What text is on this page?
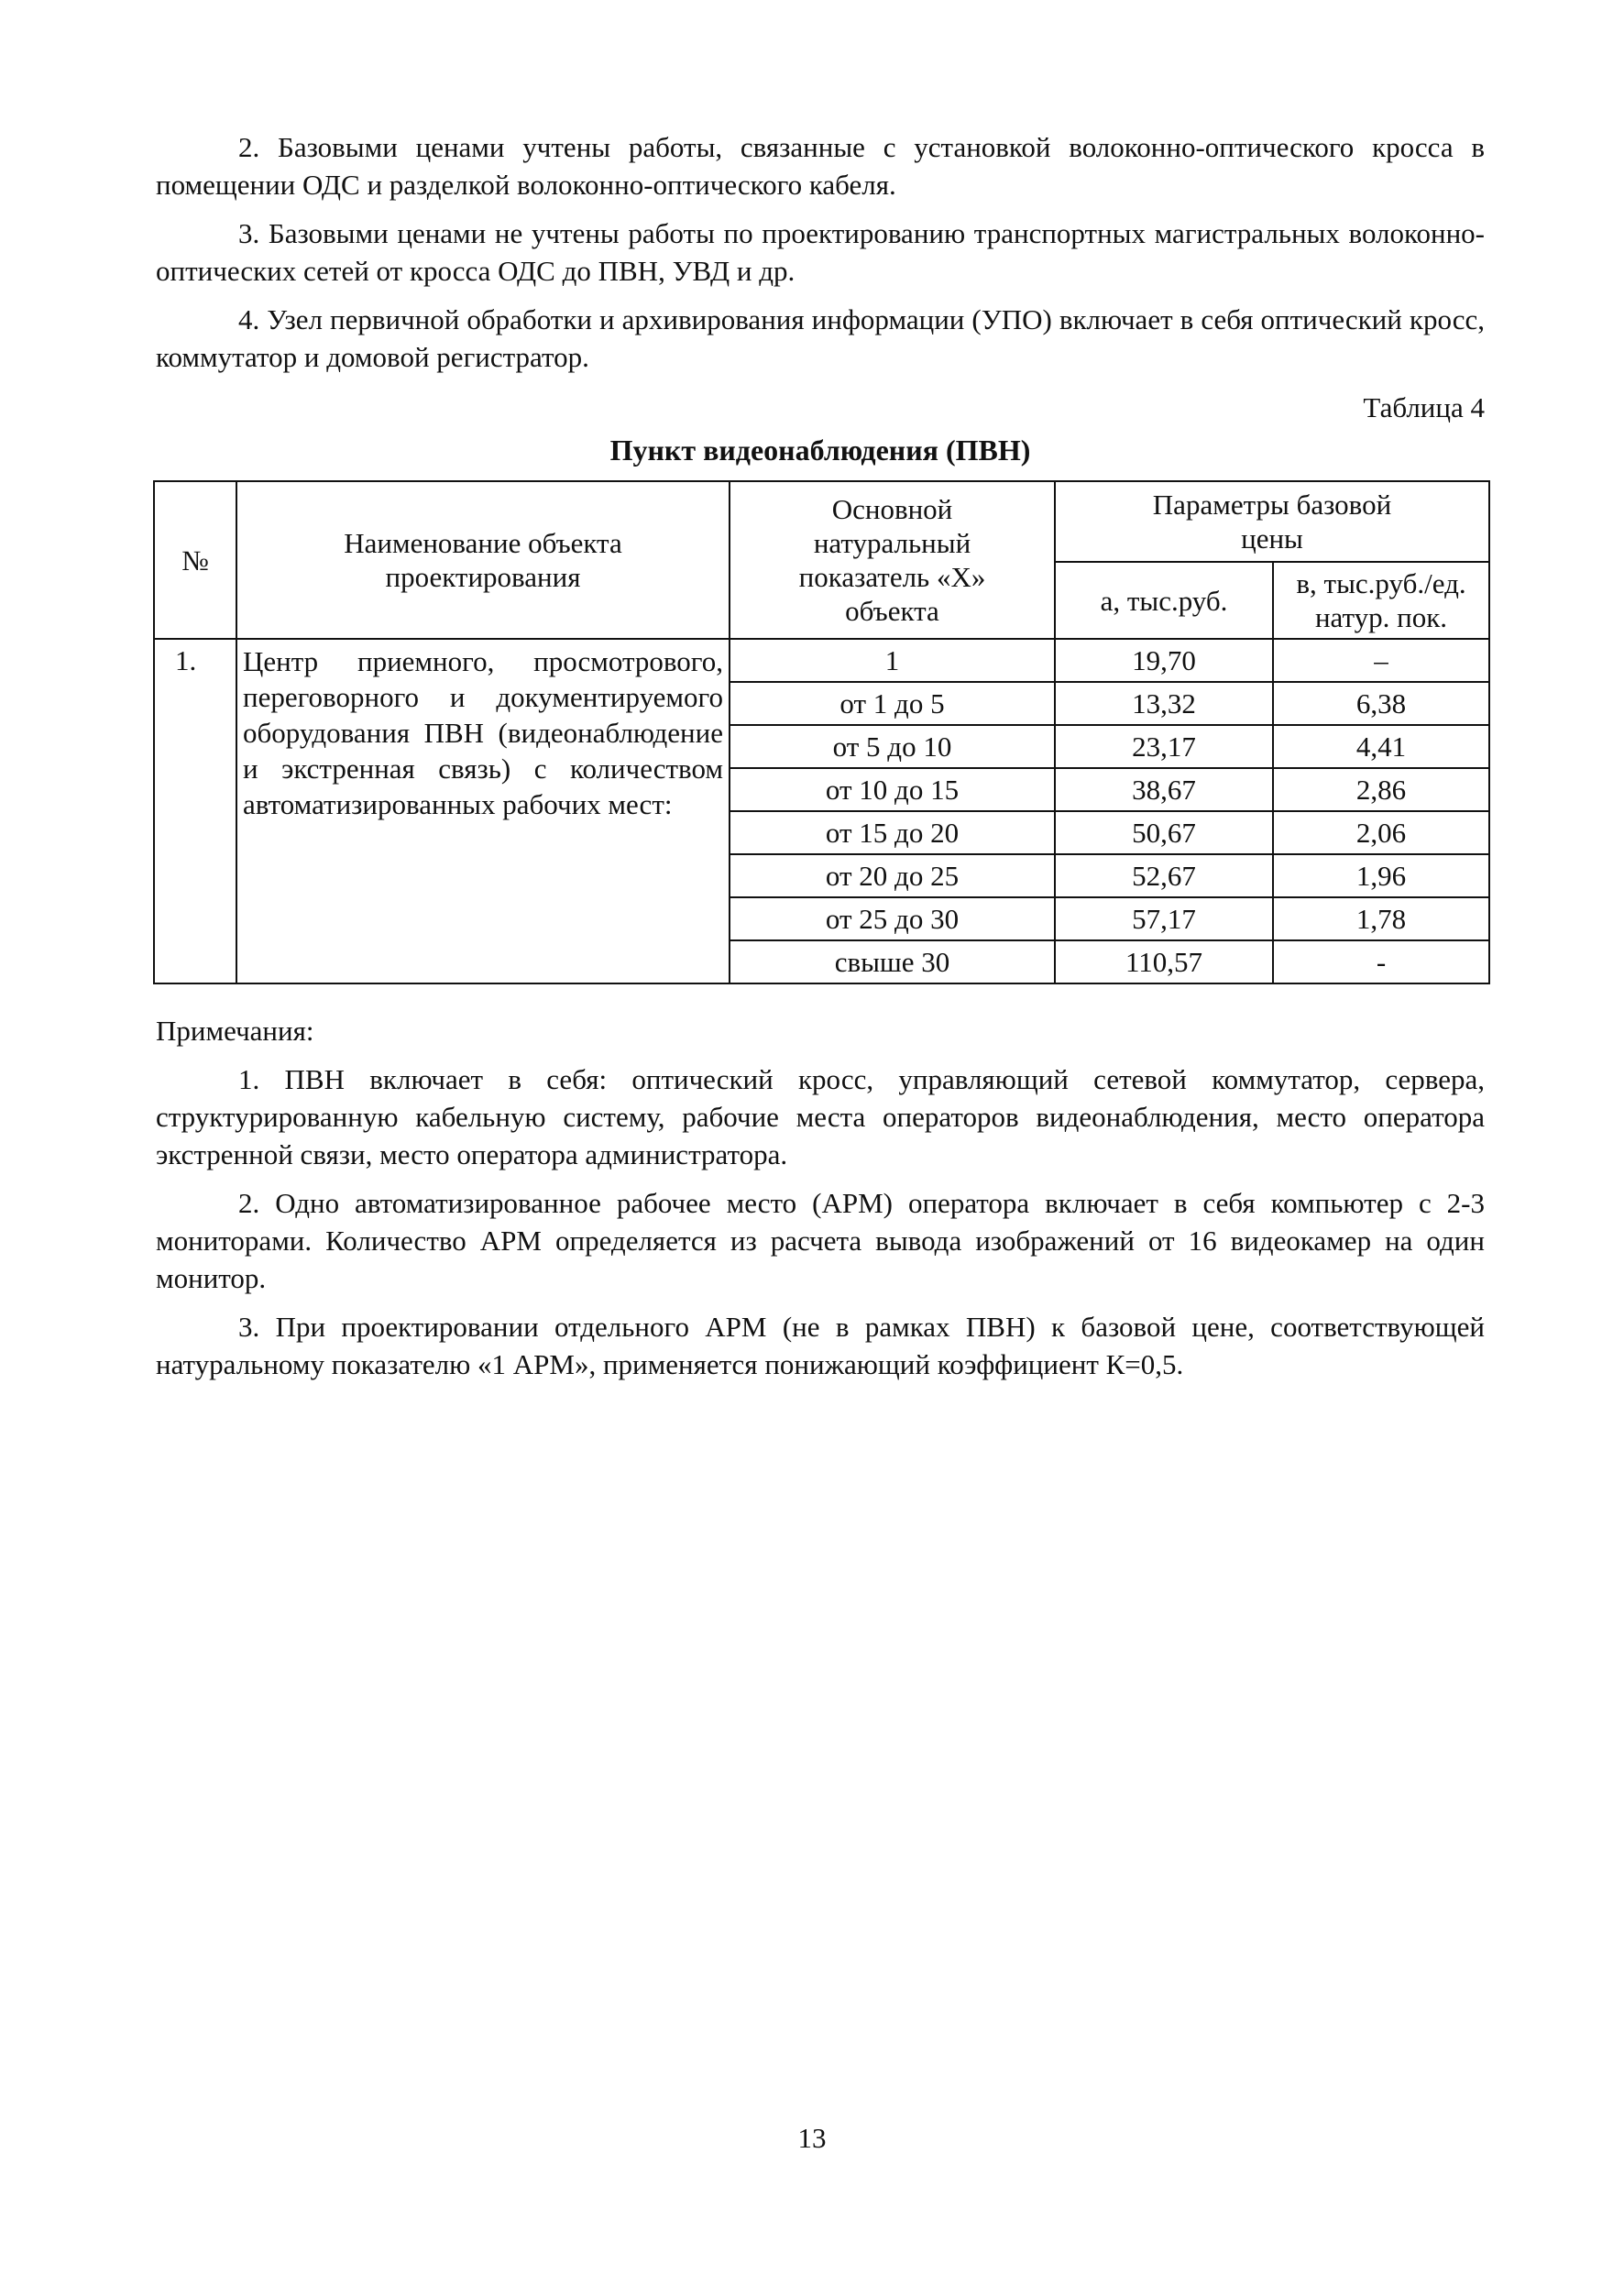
2. Базовыми ценами учтены работы, связанные с установкой волоконно-оптического кросса в помещении ОДС и разделкой волоконно-оптического кабеля.

3. Базовыми ценами не учтены работы по проектированию транспортных магистральных волоконно-оптических сетей от кросса ОДС до ПВН, УВД и др.

4. Узел первичной обработки и архивирования информации (УПО) включает в себя оптический кросс, коммутатор и домовой регистратор.

Таблица 4
Пункт видеонаблюдения (ПВН)
№	Наименование объекта проектирования	Основной натуральный показатель «Х» объекта	Параметры базовой цены	
			а, тыс.руб.	в, тыс.руб./ед. натур. пок.
1.	Центр приемного, просмотрового, переговорного и документируемого оборудования ПВН (видеонаблюдение и экстренная связь) с количеством автоматизированных рабочих мест:	1	19,70	–
		от 1 до 5	13,32	6,38
		от 5 до 10	23,17	4,41
		от 10 до 15	38,67	2,86
		от 15 до 20	50,67	2,06
		от 20 до 25	52,67	1,96
		от 25 до 30	57,17	1,78
		свыше 30	110,57	-
Примечания:

1. ПВН включает в себя: оптический кросс, управляющий сетевой коммутатор, сервера, структурированную кабельную систему, рабочие места операторов видеонаблюдения, место оператора экстренной связи, место оператора администратора.

2. Одно автоматизированное рабочее место (АРМ) оператора включает в себя компьютер с 2-3 мониторами. Количество АРМ определяется из расчета вывода изображений от 16 видеокамер на один монитор.

3. При проектировании отдельного АРМ (не в рамках ПВН) к базовой цене, соответствующей натуральному показателю «1 АРМ», применяется понижающий коэффициент К=0,5.

13
